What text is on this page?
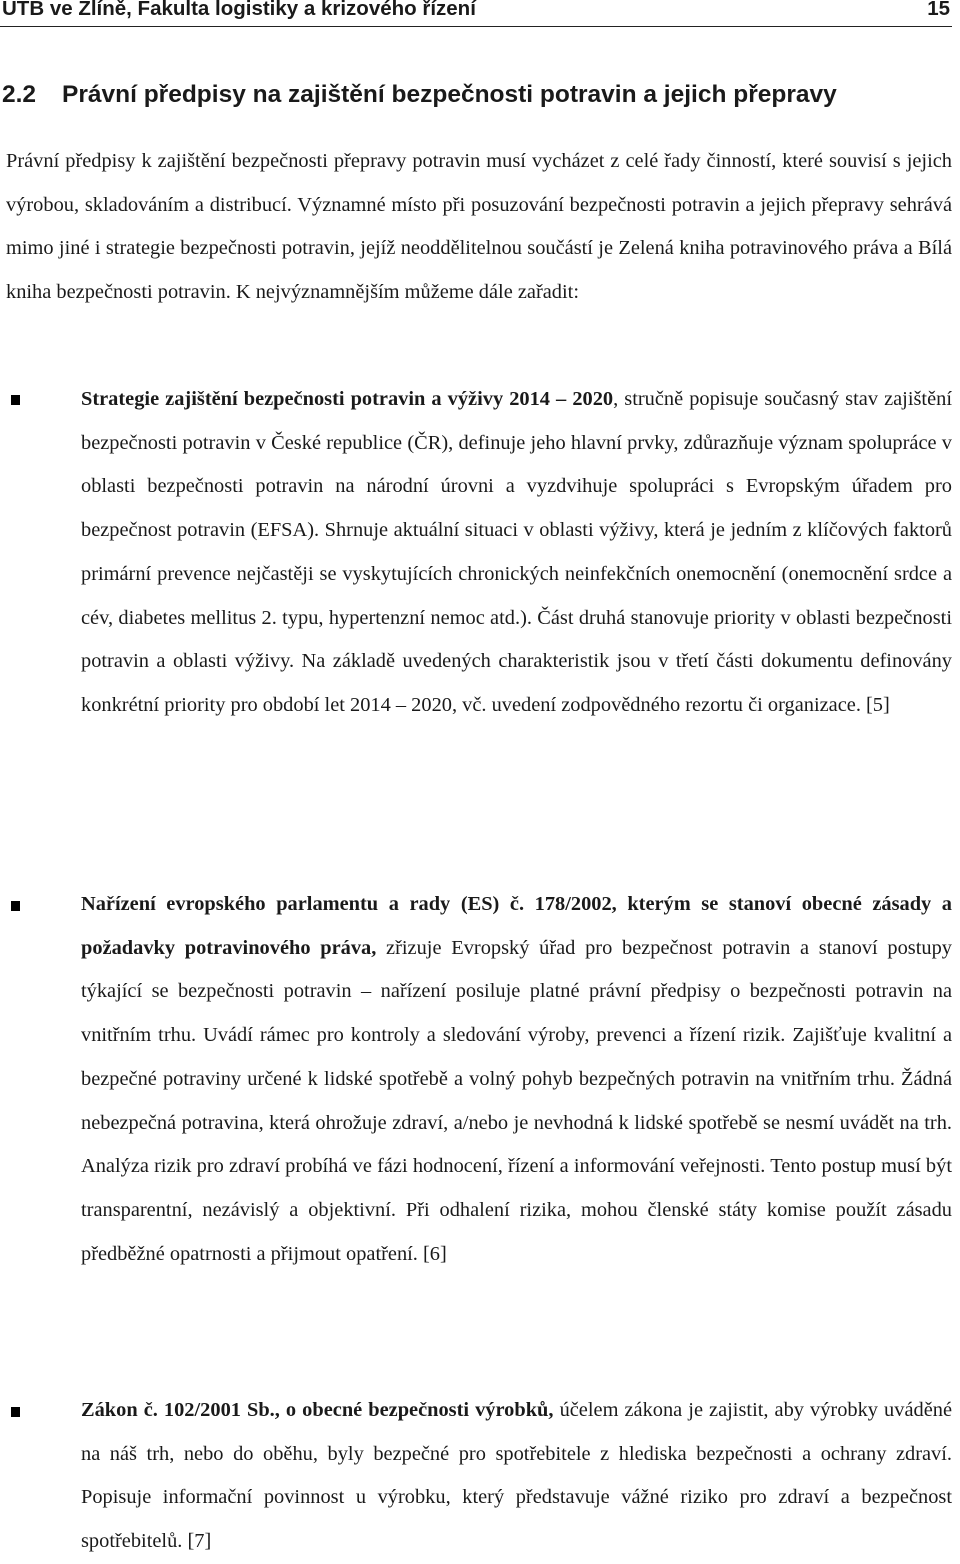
UTB ve Zlíně, Fakulta logistiky a krizového řízení	15
2.2 Právní předpisy na zajištění bezpečnosti potravin a jejich přepravy

Právní předpisy k zajištění bezpečnosti přepravy potravin musí vycházet z celé řady činností, které souvisí s jejich výrobou, skladováním a distribucí. Významné místo při posuzování bezpečnosti potravin a jejich přepravy sehrává mimo jiné i strategie bezpečnosti potravin, jejíž neoddělitelnou součástí je Zelená kniha potravinového práva a Bílá kniha bezpečnosti potravin. K nejvýznamnějším můžeme dále zařadit:

Strategie zajištění bezpečnosti potravin a výživy 2014 – 2020, stručně popisuje současný stav zajištění bezpečnosti potravin v České republice (ČR), definuje jeho hlavní prvky, zdůrazňuje význam spolupráce v oblasti bezpečnosti potravin na národní úrovni a vyzdvihuje spolupráci s Evropským úřadem pro bezpečnost potravin (EFSA). Shrnuje aktuální situaci v oblasti výživy, která je jedním z klíčových faktorů primární prevence nejčastěji se vyskytujících chronických neinfekčních onemocnění (onemocnění srdce a cév, diabetes mellitus 2. typu, hypertenzní nemoc atd.). Část druhá stanovuje priority v oblasti bezpečnosti potravin a oblasti výživy. Na základě uvedených charakteristik jsou v třetí části dokumentu definovány konkrétní priority pro období let 2014 – 2020, vč. uvedení zodpovědného rezortu či organizace. [5]

Nařízení evropského parlamentu a rady (ES) č. 178/2002, kterým se stanoví obecné zásady a požadavky potravinového práva, zřizuje Evropský úřad pro bezpečnost potravin a stanoví postupy týkající se bezpečnosti potravin – nařízení posiluje platné právní předpisy o bezpečnosti potravin na vnitřním trhu. Uvádí rámec pro kontroly a sledování výroby, prevenci a řízení rizik. Zajišťuje kvalitní a bezpečné potraviny určené k lidské spotřebě a volný pohyb bezpečných potravin na vnitřním trhu. Žádná nebezpečná potravina, která ohrožuje zdraví, a/nebo je nevhodná k lidské spotřebě se nesmí uvádět na trh. Analýza rizik pro zdraví probíhá ve fázi hodnocení, řízení a informování veřejnosti. Tento postup musí být transparentní, nezávislý a objektivní. Při odhalení rizika, mohou členské státy komise použít zásadu předběžné opatrnosti a přijmout opatření. [6]

Zákon č. 102/2001 Sb., o obecné bezpečnosti výrobků, účelem zákona je zajistit, aby výrobky uváděné na náš trh, nebo do oběhu, byly bezpečné pro spotřebitele z hlediska bezpečnosti a ochrany zdraví. Popisuje informační povinnost u výrobku, který představuje vážné riziko pro zdraví a bezpečnost spotřebitelů. [7]
